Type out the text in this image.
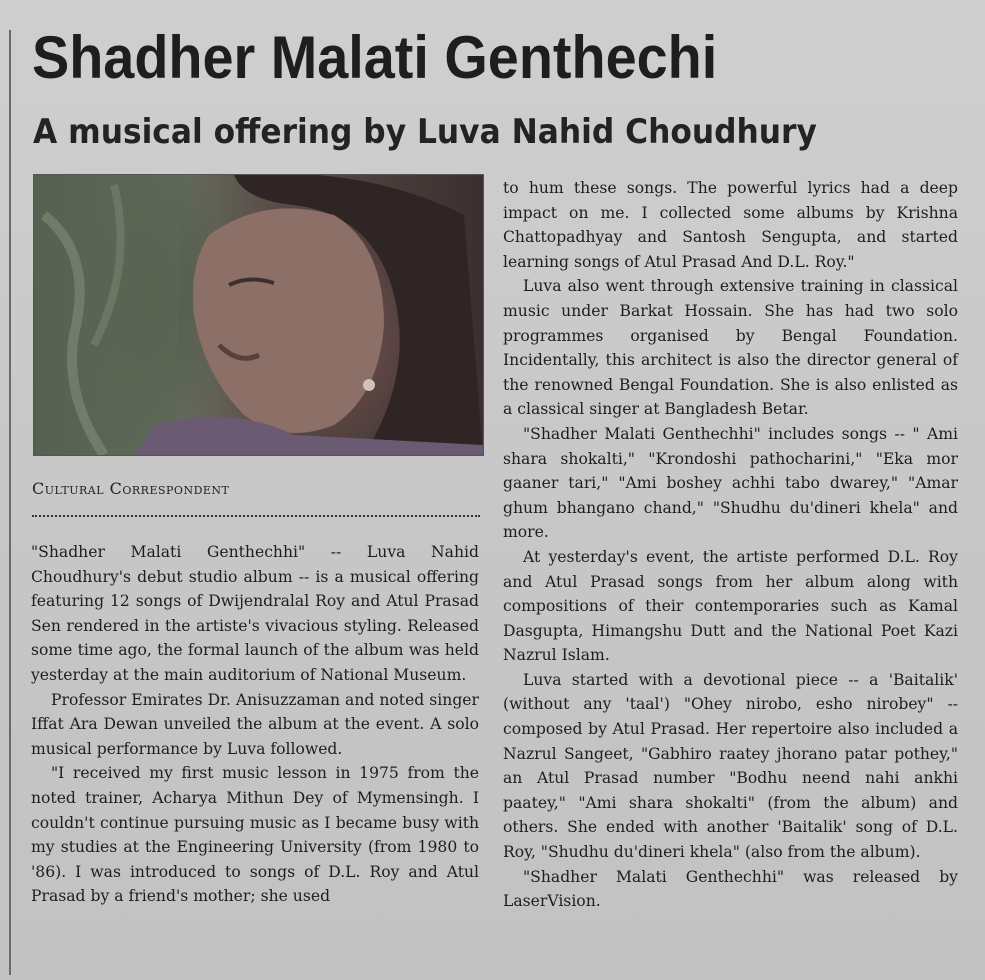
Shadher Malati Genthechi
A musical offering by Luva Nahid Choudhury
Cultural Correspondent

"Shadher Malati Genthechhi" -- Luva Nahid Choudhury's debut studio album -- is a musical offering featuring 12 songs of Dwijendralal Roy and Atul Prasad Sen rendered in the artiste's vivacious styling. Released some time ago, the formal launch of the album was held yesterday at the main auditorium of National Museum.

Professor Emirates Dr. Anisuzzaman and noted singer Iffat Ara Dewan unveiled the album at the event. A solo musical performance by Luva followed.

"I received my first music lesson in 1975 from the noted trainer, Acharya Mithun Dey of Mymensingh. I couldn't continue pursuing music as I became busy with my studies at the Engineering University (from 1980 to '86). I was introduced to songs of D.L. Roy and Atul Prasad by a friend's mother; she used

to hum these songs. The powerful lyrics had a deep impact on me. I collected some albums by Krishna Chattopadhyay and Santosh Sengupta, and started learning songs of Atul Prasad And D.L. Roy."

Luva also went through extensive training in classical music under Barkat Hossain. She has had two solo programmes organised by Bengal Foundation. Incidentally, this architect is also the director general of the renowned Bengal Foundation. She is also enlisted as a classical singer at Bangladesh Betar.

"Shadher Malati Genthechhi" includes songs -- " Ami shara shokalti," "Krondoshi pathocharini," "Eka mor gaaner tari," "Ami boshey achhi tabo dwarey," "Amar ghum bhangano chand," "Shudhu du'dineri khela" and more.

At yesterday's event, the artiste performed D.L. Roy and Atul Prasad songs from her album along with compositions of their contemporaries such as Kamal Dasgupta, Himangshu Dutt and the National Poet Kazi Nazrul Islam.

Luva started with a devotional piece -- a 'Baitalik' (without any 'taal') "Ohey nirobo, esho nirobey" -- composed by Atul Prasad. Her repertoire also included a Nazrul Sangeet, "Gabhiro raatey jhorano patar pothey," an Atul Prasad number "Bodhu neend nahi ankhi paatey," "Ami shara shokalti" (from the album) and others. She ended with another 'Baitalik' song of D.L. Roy, "Shudhu du'dineri khela" (also from the album).

"Shadher Malati Genthechhi" was released by LaserVision.
